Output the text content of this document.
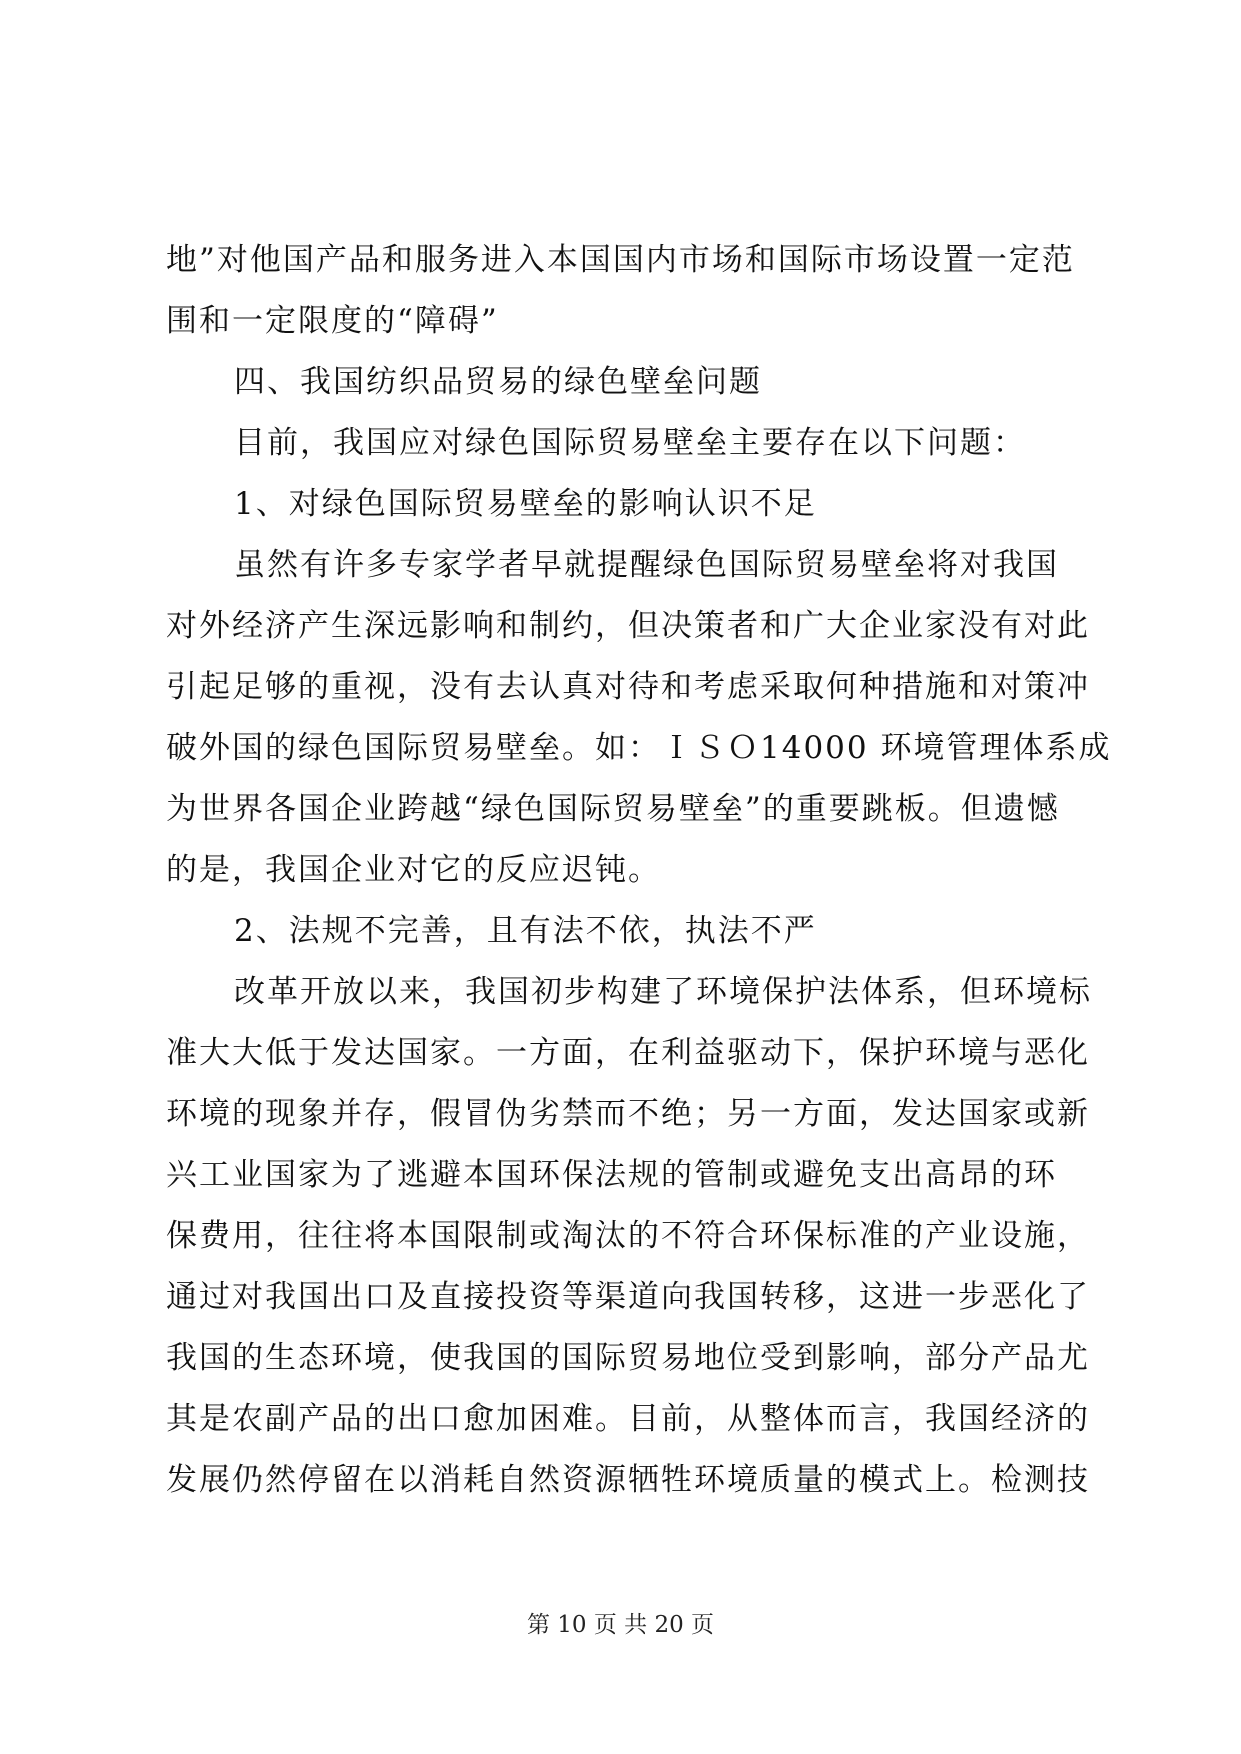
地”对他国产品和服务进入本国国内市场和国际市场设置一定范
围和一定限度的“障碍”
四、我国纺织品贸易的绿色壁垒问题
目前，我国应对绿色国际贸易壁垒主要存在以下问题：
1、对绿色国际贸易壁垒的影响认识不足
虽然有许多专家学者早就提醒绿色国际贸易壁垒将对我国
对外经济产生深远影响和制约，但决策者和广大企业家没有对此
引起足够的重视，没有去认真对待和考虑采取何种措施和对策冲
破外国的绿色国际贸易壁垒。如：ＩＳＯ14000 环境管理体系成
为世界各国企业跨越“绿色国际贸易壁垒”的重要跳板。但遗憾
的是，我国企业对它的反应迟钝。
2、法规不完善，且有法不依，执法不严
改革开放以来，我国初步构建了环境保护法体系，但环境标
准大大低于发达国家。一方面，在利益驱动下，保护环境与恶化
环境的现象并存，假冒伪劣禁而不绝；另一方面，发达国家或新
兴工业国家为了逃避本国环保法规的管制或避免支出高昂的环
保费用，往往将本国限制或淘汰的不符合环保标准的产业设施，
通过对我国出口及直接投资等渠道向我国转移，这进一步恶化了
我国的生态环境，使我国的国际贸易地位受到影响，部分产品尤
其是农副产品的出口愈加困难。目前，从整体而言，我国经济的
发展仍然停留在以消耗自然资源牺牲环境质量的模式上。检测技
第 10 页 共 20 页
